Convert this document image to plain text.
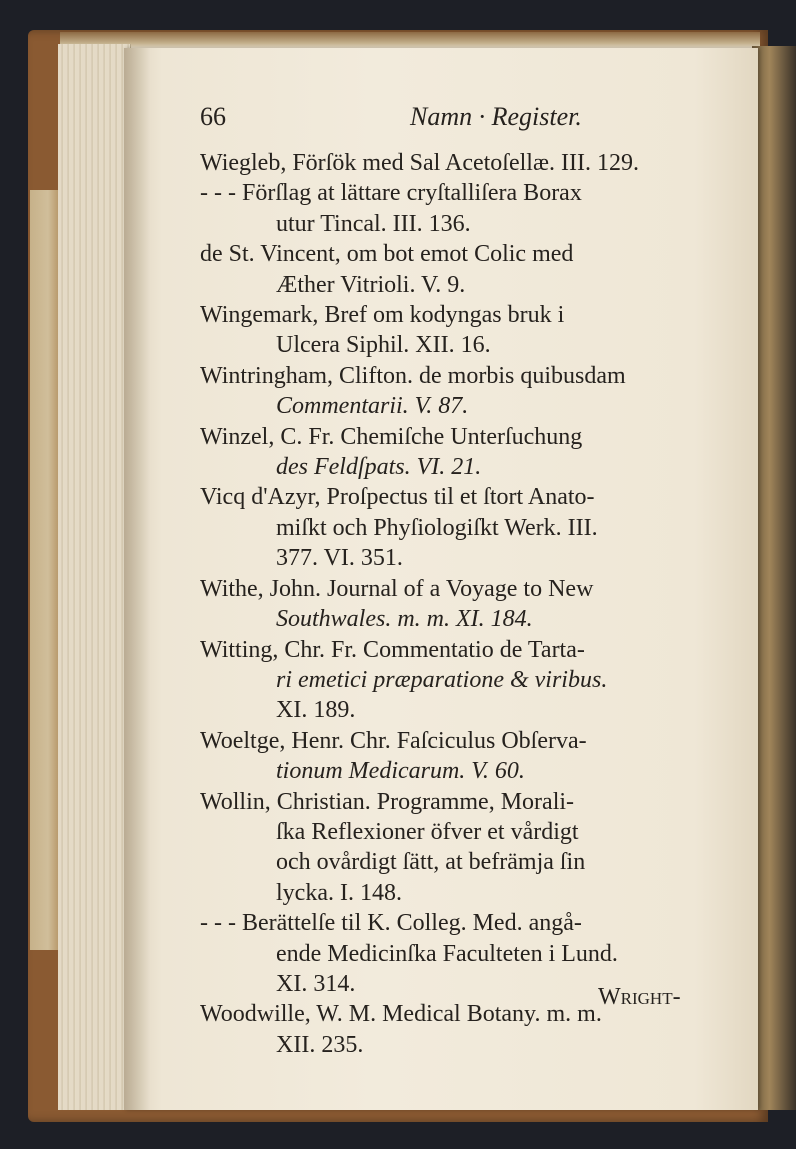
66	Namn · Register.
Wiegleb, Förſök med Sal Acetoſellæ. III. 129.
- - - Förſlag at lättare cryſtalliſera Borax
utur Tincal. III. 136.
de St. Vincent, om bot emot Colic med
Æther Vitrioli. V. 9.
Wingemark, Bref om kodyngas bruk i
Ulcera Siphil. XII. 16.
Wintringham, Clifton. de morbis quibusdam
Commentarii. V. 87.
Winzel, C. Fr. Chemiſche Unterſuchung
des Feldſpats. VI. 21.
Vicq d'Azyr, Proſpectus til et ſtort Anato-
miſkt och Phyſiologiſkt Werk. III.
377. VI. 351.
Withe, John. Journal of a Voyage to New
Southwales. m. m. XI. 184.
Witting, Chr. Fr. Commentatio de Tarta-
ri emetici præparatione & viribus.
XI. 189.
Woeltge, Henr. Chr. Faſciculus Obſerva-
tionum Medicarum. V. 60.
Wollin, Christian. Programme, Morali-
ſka Reflexioner öfver et vårdigt
och ovårdigt ſätt, at befrämja ſin
lycka. I. 148.
- - - Berättelſe til K. Colleg. Med. angå-
ende Medicinſka Faculteten i Lund.
XI. 314.
Woodwille, W. M. Medical Botany. m. m.
XII. 235.
Wright-
